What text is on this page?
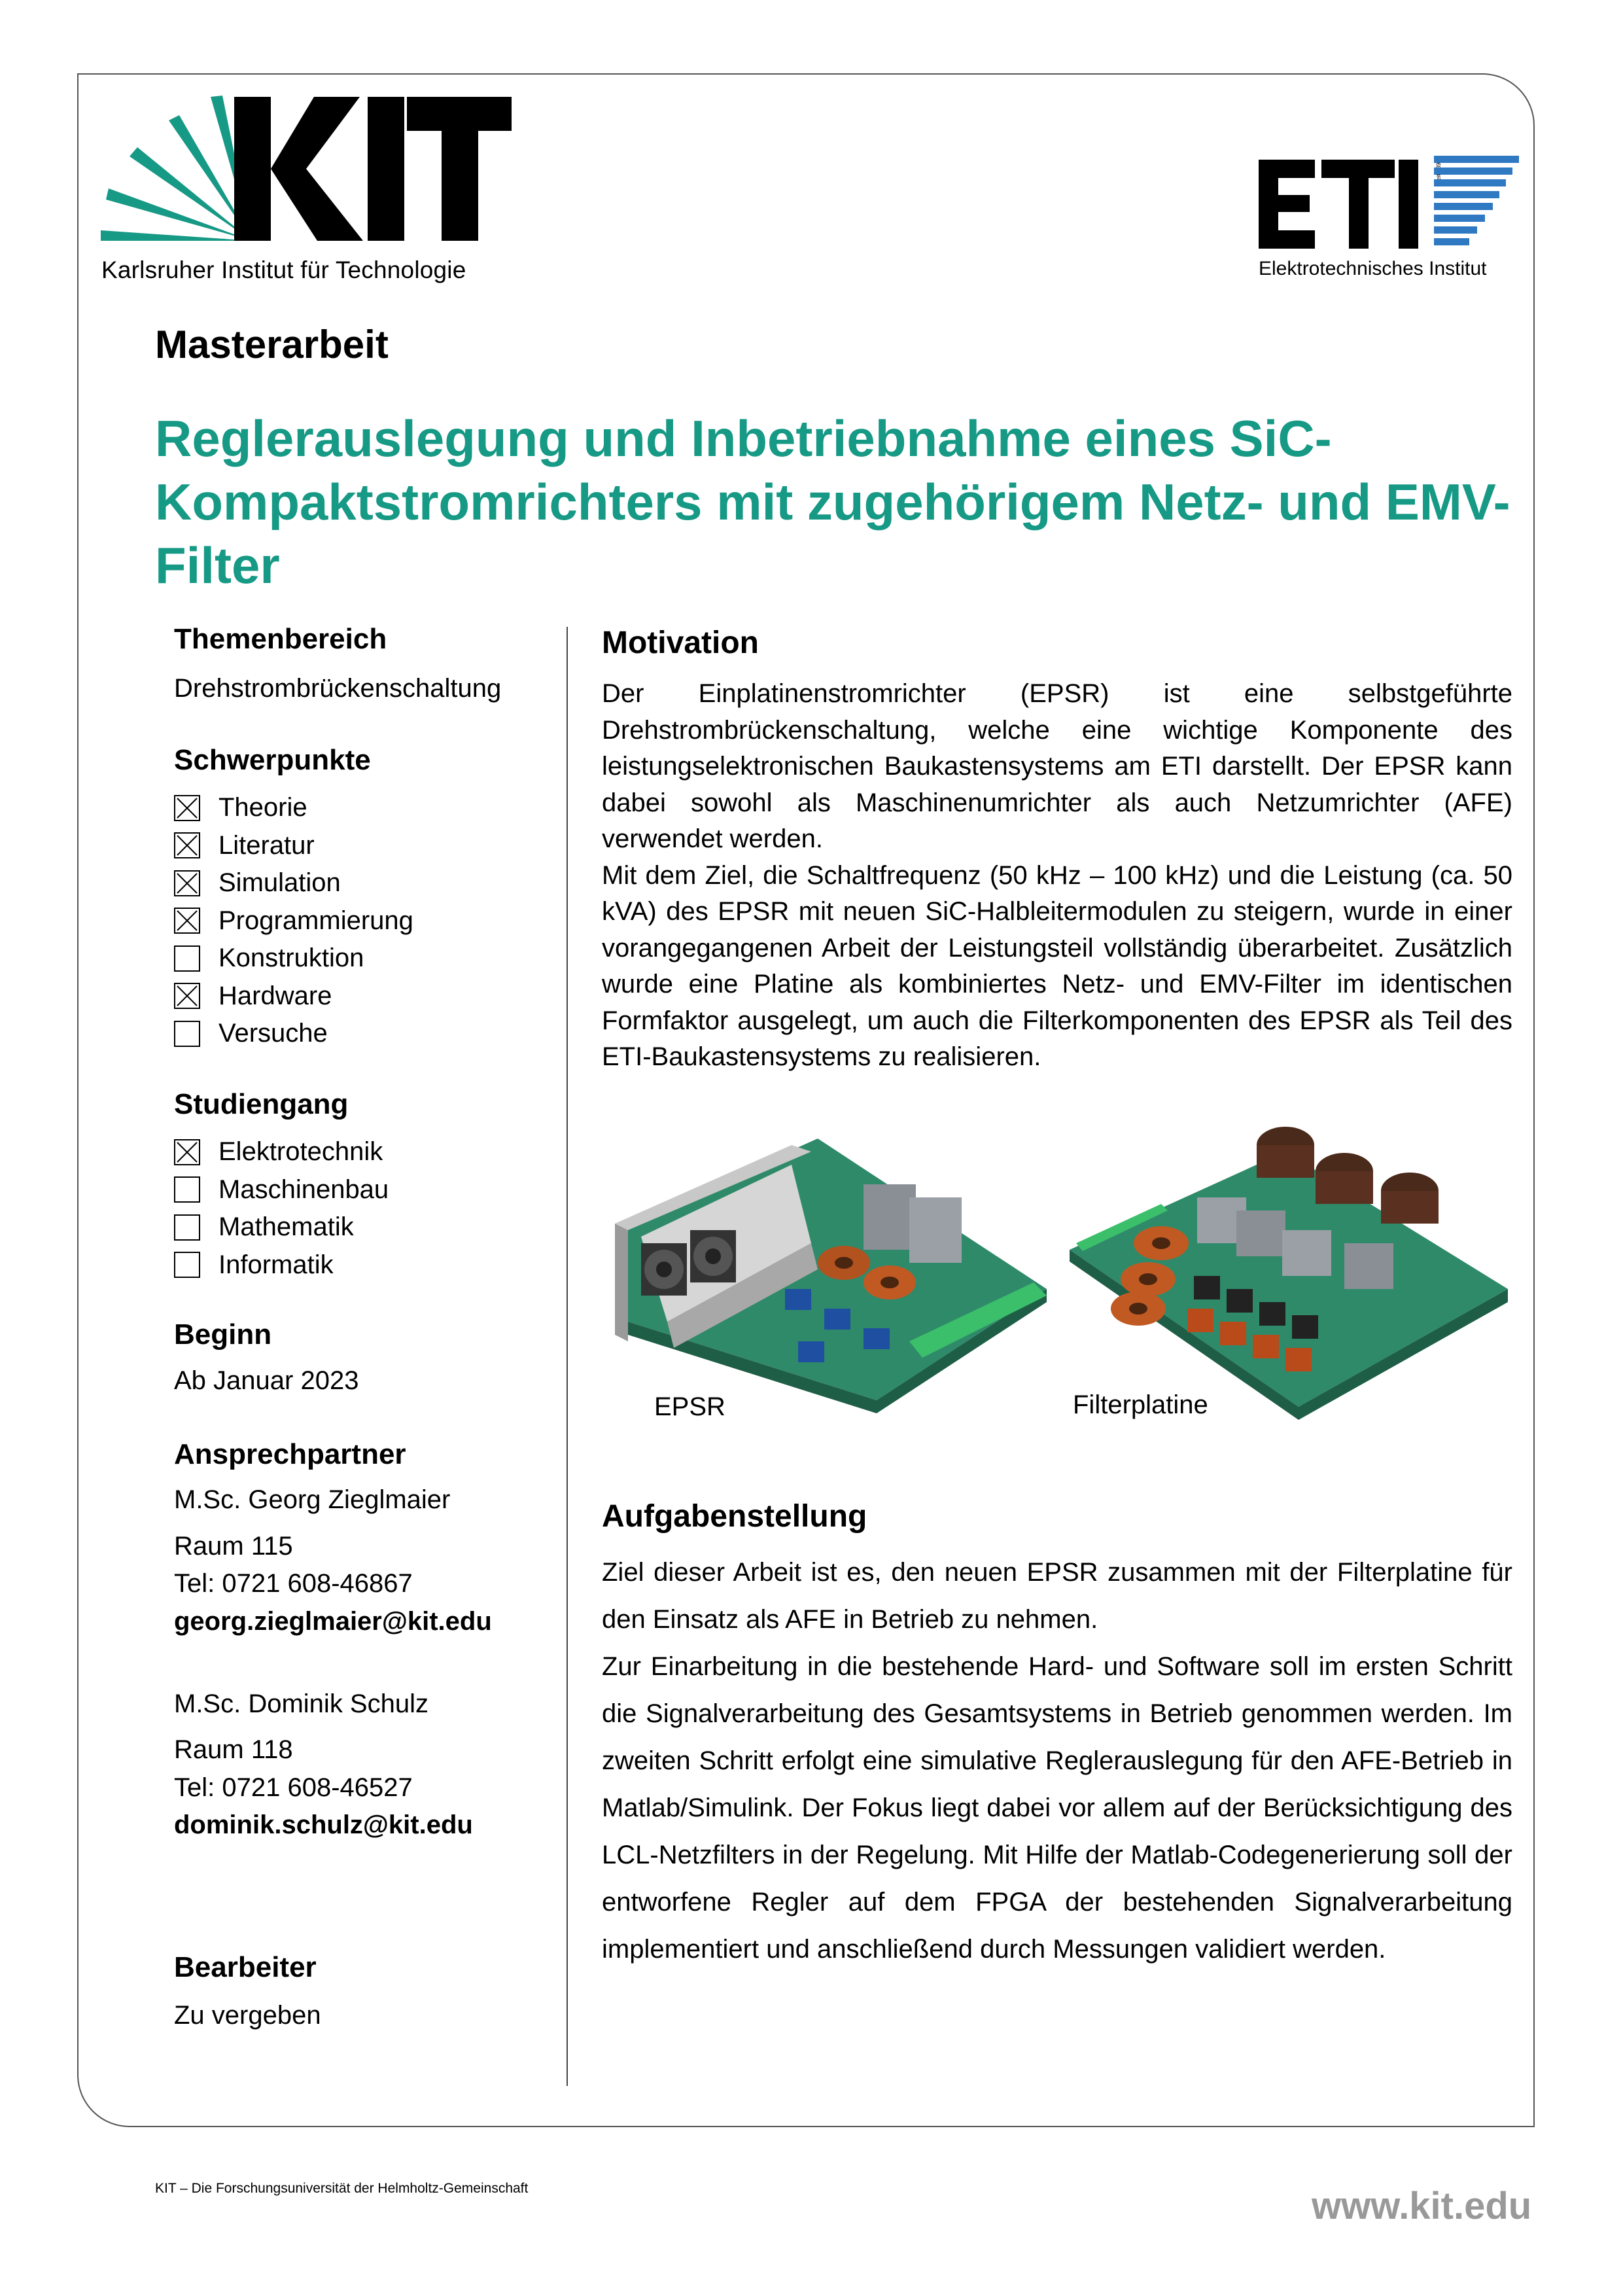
Karlsruher Institut für Technologie	Elektrotechnisches Institut
Masterarbeit
Reglerauslegung und Inbetriebnahme eines SiC-Kompaktstromrichters mit zugehörigem Netz- und EMV-Filter
Themenbereich
Drehstrombrückenschaltung
Schwerpunkte
Theorie
Literatur
Simulation
Programmierung
Konstruktion
Hardware
Versuche
Studiengang
Elektrotechnik
Maschinenbau
Mathematik
Informatik
Beginn
Ab Januar 2023
Ansprechpartner
M.Sc. Georg Zieglmaier
Raum 115
Tel: 0721 608-46867
georg.zieglmaier@kit.edu
M.Sc. Dominik Schulz
Raum 118
Tel: 0721 608-46527
dominik.schulz@kit.edu
Bearbeiter
Zu vergeben
Motivation

Der Einplatinenstromrichter (EPSR) ist eine selbstgeführte Drehstrombrückenschaltung, welche eine wichtige Komponente des leistungselektronischen Baukastensystems am ETI darstellt. Der EPSR kann dabei sowohl als Maschinenumrichter als auch Netzumrichter (AFE) verwendet werden.

Mit dem Ziel, die Schaltfrequenz (50 kHz – 100 kHz) und die Leistung (ca. 50 kVA) des EPSR mit neuen SiC-Halbleitermodulen zu steigern, wurde in einer vorangegangenen Arbeit der Leistungsteil vollständig überarbeitet. Zusätzlich wurde eine Platine als kombiniertes Netz- und EMV-Filter im identischen Formfaktor ausgelegt, um auch die Filterkomponenten des EPSR als Teil des ETI-Baukastensystems zu realisieren.

EPSR	Filterplatine
Aufgabenstellung

Ziel dieser Arbeit ist es, den neuen EPSR zusammen mit der Filterplatine für den Einsatz als AFE in Betrieb zu nehmen.

Zur Einarbeitung in die bestehende Hard- und Software soll im ersten Schritt die Signalverarbeitung des Gesamtsystems in Betrieb genommen werden. Im zweiten Schritt erfolgt eine simulative Reglerauslegung für den AFE-Betrieb in Matlab/Simulink. Der Fokus liegt dabei vor allem auf der Berücksichtigung des LCL-Netzfilters in der Regelung. Mit Hilfe der Matlab-Codegenerierung soll der entworfene Regler auf dem FPGA der bestehenden Signalverarbeitung implementiert und anschließend durch Messungen validiert werden.

KIT – Die Forschungsuniversität der Helmholtz-Gemeinschaft	www.kit.edu
